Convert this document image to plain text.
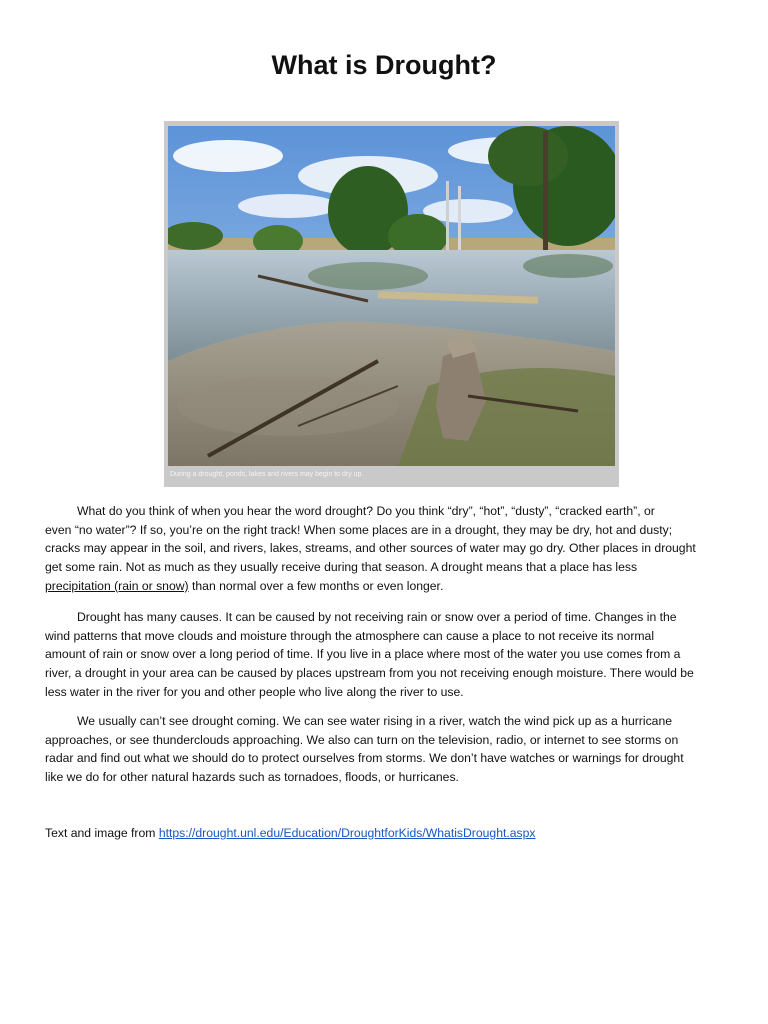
What is Drought?
During a drought, ponds, lakes and rivers may begin to dry up.
What do you think of when you hear the word drought? Do you think “dry”, “hot”, “dusty”, “cracked earth”, or
even “no water”? If so, you’re on the right track! When some places are in a drought, they may be dry, hot and dusty;
cracks may appear in the soil, and rivers, lakes, streams, and other sources of water may go dry. Other places in drought
get some rain. Not as much as they usually receive during that season. A drought means that a place has less
precipitation (rain or snow) than normal over a few months or even longer.
Drought has many causes. It can be caused by not receiving rain or snow over a period of time. Changes in the
wind patterns that move clouds and moisture through the atmosphere can cause a place to not receive its normal
amount of rain or snow over a long period of time. If you live in a place where most of the water you use comes from a
river, a drought in your area can be caused by places upstream from you not receiving enough moisture. There would be
less water in the river for you and other people who live along the river to use.
We usually can’t see drought coming. We can see water rising in a river, watch the wind pick up as a hurricane
approaches, or see thunderclouds approaching. We also can turn on the television, radio, or internet to see storms on
radar and find out what we should do to protect ourselves from storms. We don’t have watches or warnings for drought
like we do for other natural hazards such as tornadoes, floods, or hurricanes.
Text and image from https://drought.unl.edu/Education/DroughtforKids/WhatisDrought.aspx
